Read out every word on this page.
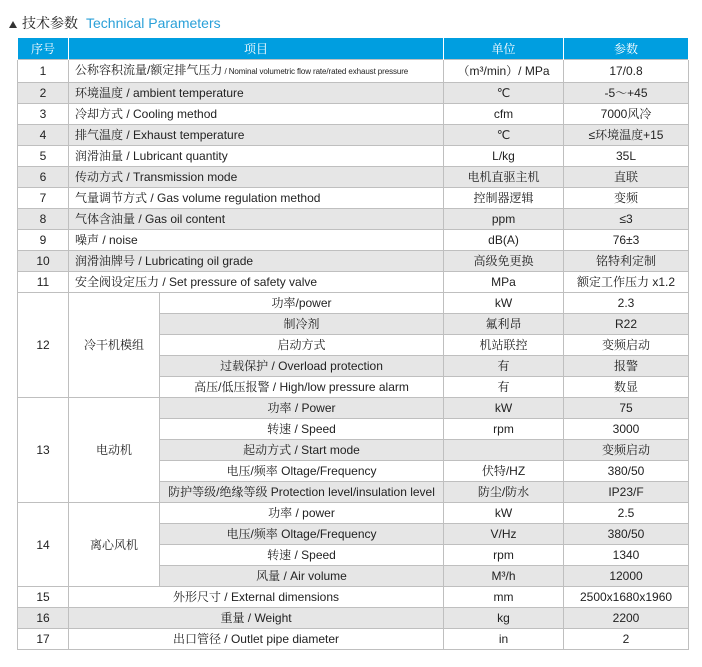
技术参数 Technical Parameters
序号	项目		单位	参数
1	公称容积流量/额定排气压力 / Nominal volumetric flow rate/rated exhaust pressure		（m³/min）/ MPa	17/0.8
2	环境温度 / ambient temperature		℃	-5～+45
3	冷却方式 / Cooling method		cfm	7000风冷
4	排气温度 / Exhaust temperature		℃	≤环境温度+15
5	润滑油量 / Lubricant quantity		L/kg	35L
6	传动方式 / Transmission mode		电机直驱主机	直联
7	气量调节方式 / Gas volume regulation method		控制器逻辑	变频
8	气体含油量 / Gas oil content		ppm	≤3
9	噪声 / noise		dB(A)	76±3
10	润滑油牌号 / Lubricating oil grade		高级免更换	铭特利定制
11	安全阀设定压力 / Set pressure of safety valve		MPa	额定工作压力 x1.2
12	冷干机模组	功率/power	kW	2.3
		制冷剂	氟利昂	R22
		启动方式	机站联控	变频启动
		过载保护 / Overload protection	有	报警
		高压/低压报警 / High/low pressure alarm	有	数显
13	电动机	功率 / Power	kW	75
		转速 / Speed	rpm	3000
		起动方式 / Start mode		变频启动
		电压/频率 Oltage/Frequency	伏特/HZ	380/50
		防护等级/绝缘等级 Protection level/insulation level	防尘/防水	IP23/F
14	离心风机	功率 / power	kW	2.5
		电压/频率 Oltage/Frequency	V/Hz	380/50
		转速 / Speed	rpm	1340
		风量 / Air volume	M³/h	12000
15	外形尺寸 / External dimensions		mm	2500x1680x1960
16	重量 / Weight		kg	2200
17	出口管径 / Outlet pipe diameter		in	2
